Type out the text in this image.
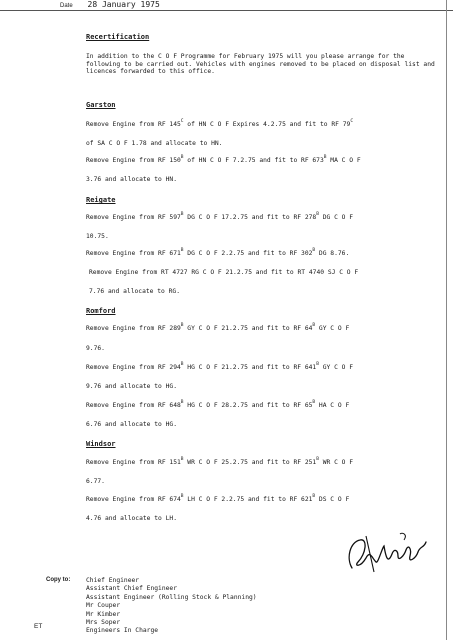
Date 28 January 1975
Recertification
In addition to the C O F Programme for February 1975 will you please arrange for the following to be carried out. Vehicles with engines removed to be placed on disposal list and licences forwarded to this office.
Garston
Remove Engine from RF $145^C$ of HN C O F Expires 4.2.75 and fit to RF $79^C$
of SA C O F 1.78 and allocate to HN.
Remove Engine from RF $150^B$ of HN C O F 7.2.75 and fit to RF $673^B$ MA C O F
3.76 and allocate to HN.
Reigate
Remove Engine from RF $597^B$ DG C O F 17.2.75 and fit to RF $278^B$ DG C O F
10.75.
Remove Engine from RF $671^B$ DG C O F 2.2.75 and fit to RF $302^B$ DG 8.76.
Remove Engine from RT 4727 RG C O F 21.2.75 and fit to RT 4740 SJ C O F
7.76 and allocate to RG.
Romford
Remove Engine from RF $289^B$ GY C O F 21.2.75 and fit to RF $64^B$ GY C O F
9.76.
Remove Engine from RF $294^B$ HG C O F 21.2.75 and fit to RF $641^B$ GY C O F
9.76 and allocate to HG.
Remove Engine from RF $648^B$ HG C O F 28.2.75 and fit to RF $65^B$ HA C O F
6.76 and allocate to HG.
Windsor
Remove Engine from RF $151^B$ WR C O F 25.2.75 and fit to RF $251^B$ WR C O F
6.77.
Remove Engine from RF $674^B$ LH C O F 2.2.75 and fit to RF $621^B$ DS C O F
4.76 and allocate to LH.
Copy to: Chief Engineer
Assistant Chief Engineer
Assistant Engineer (Rolling Stock & Planning)
Mr Couper
Mr Kimber
Mrs Soper
Engineers In Charge
ET
